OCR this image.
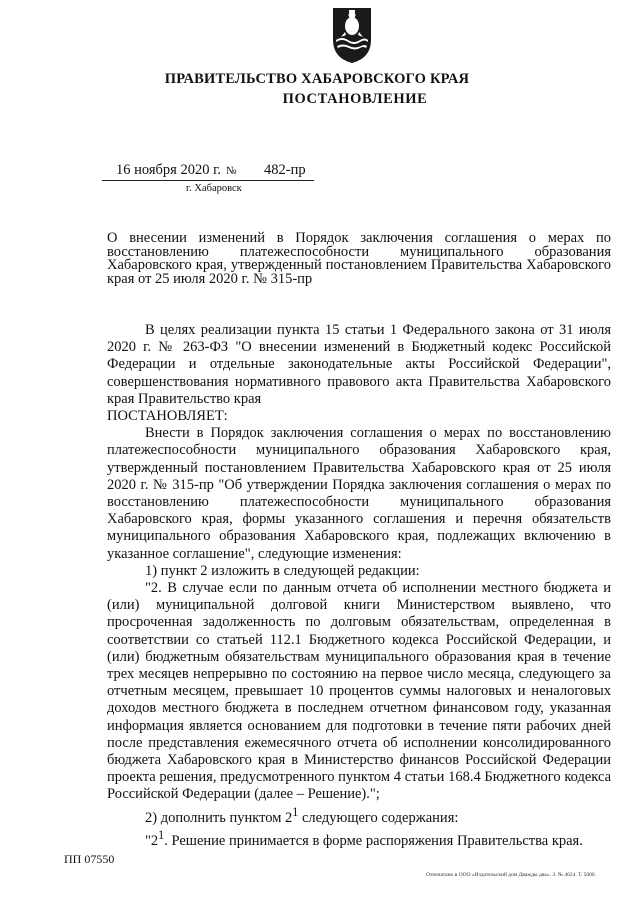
ПРАВИТЕЛЬСТВО ХАБАРОВСКОГО КРАЯ
ПОСТАНОВЛЕНИЕ
16 ноября 2020 г. № 482-пр
г. Хабаровск
О внесении изменений в Порядок заключения соглашения о мерах по восстановлению платежеспособности муниципального образования Хабаровского края, утвержденный постановлением Правительства Хабаровского края от 25 июля 2020 г. № 315-пр

В целях реализации пункта 15 статьи 1 Федерального закона от 31 июля 2020 г. № 263-ФЗ "О внесении изменений в Бюджетный кодекс Российской Федерации и отдельные законодательные акты Российской Федерации", совершенствования нормативного правового акта Правительства Хабаровского края Правительство края

ПОСТАНОВЛЯЕТ:

Внести в Порядок заключения соглашения о мерах по восстановлению платежеспособности муниципального образования Хабаровского края, утвержденный постановлением Правительства Хабаровского края от 25 июля 2020 г. № 315-пр "Об утверждении Порядка заключения соглашения о мерах по восстановлению платежеспособности муниципального образования Хабаровского края, формы указанного соглашения и перечня обязательств муниципального образования Хабаровского края, подлежащих включению в указанное соглашение", следующие изменения:

1) пункт 2 изложить в следующей редакции:

"2. В случае если по данным отчета об исполнении местного бюджета и (или) муниципальной долговой книги Министерством выявлено, что просроченная задолженность по долговым обязательствам, определенная в соответствии со статьей 112.1 Бюджетного кодекса Российской Федерации, и (или) бюджетным обязательствам муниципального образования края в течение трех месяцев непрерывно по состоянию на первое число месяца, следующего за отчетным месяцем, превышает 10 процентов суммы налоговых и неналоговых доходов местного бюджета в последнем отчетном финансовом году, указанная информация является основанием для подготовки в течение пяти рабочих дней после представления ежемесячного отчета об исполнении консолидированного бюджета Хабаровского края в Министерство финансов Российской Федерации проекта решения, предусмотренного пунктом 4 статьи 168.4 Бюджетного кодекса Российской Федерации (далее – Решение).";

2) дополнить пунктом $2^1$ следующего содержания:

"$2^1$. Решение принимается в форме распоряжения Правительства края.

ПП 07550
Отпечатано в ООО «Издательский дом Дважды два». З. № 4624. Т. 5000.
